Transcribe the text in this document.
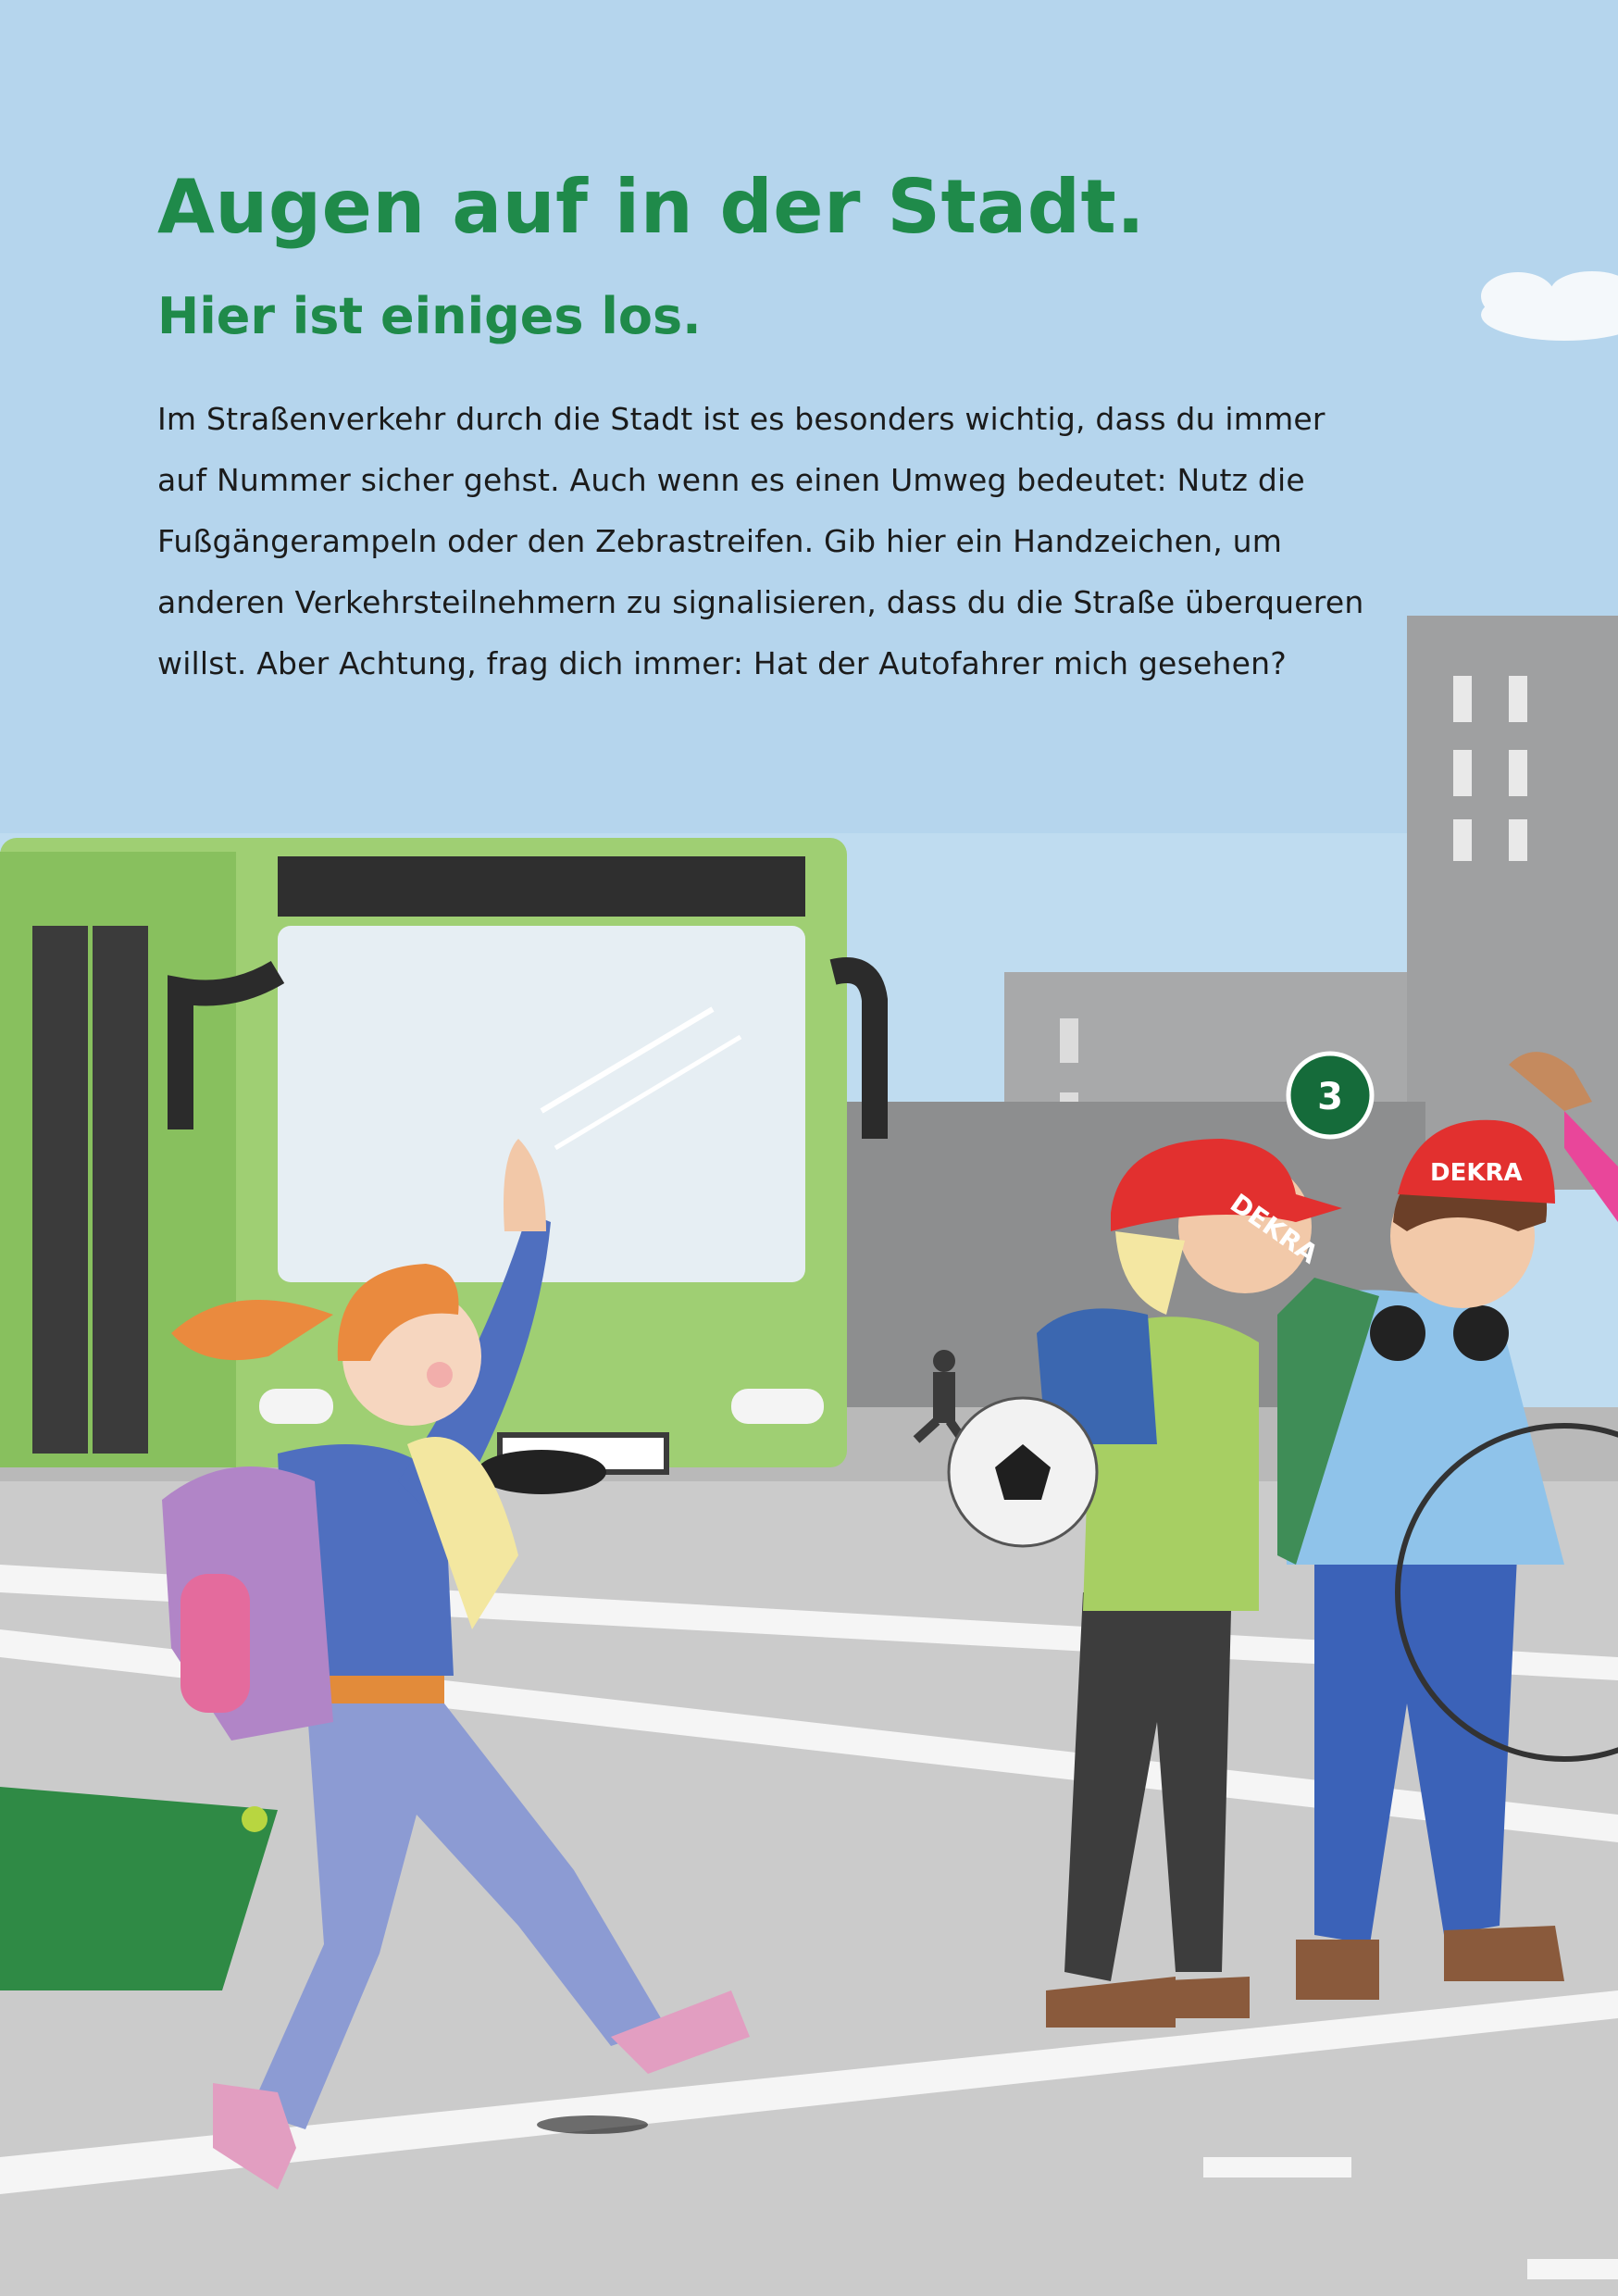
DEKRA
DEKRA
3
Augen auf in der Stadt.
Hier ist einiges los.

Im Straßenverkehr durch die Stadt ist es besonders wichtig, dass du immer

auf Nummer sicher gehst. Auch wenn es einen Umweg bedeutet: Nutz die

Fußgängerampeln oder den Zebrastreifen. Gib hier ein Handzeichen, um

anderen Verkehrsteilnehmern zu signalisieren, dass du die Straße überqueren

willst. Aber Achtung, frag dich immer: Hat der Autofahrer mich gesehen?
